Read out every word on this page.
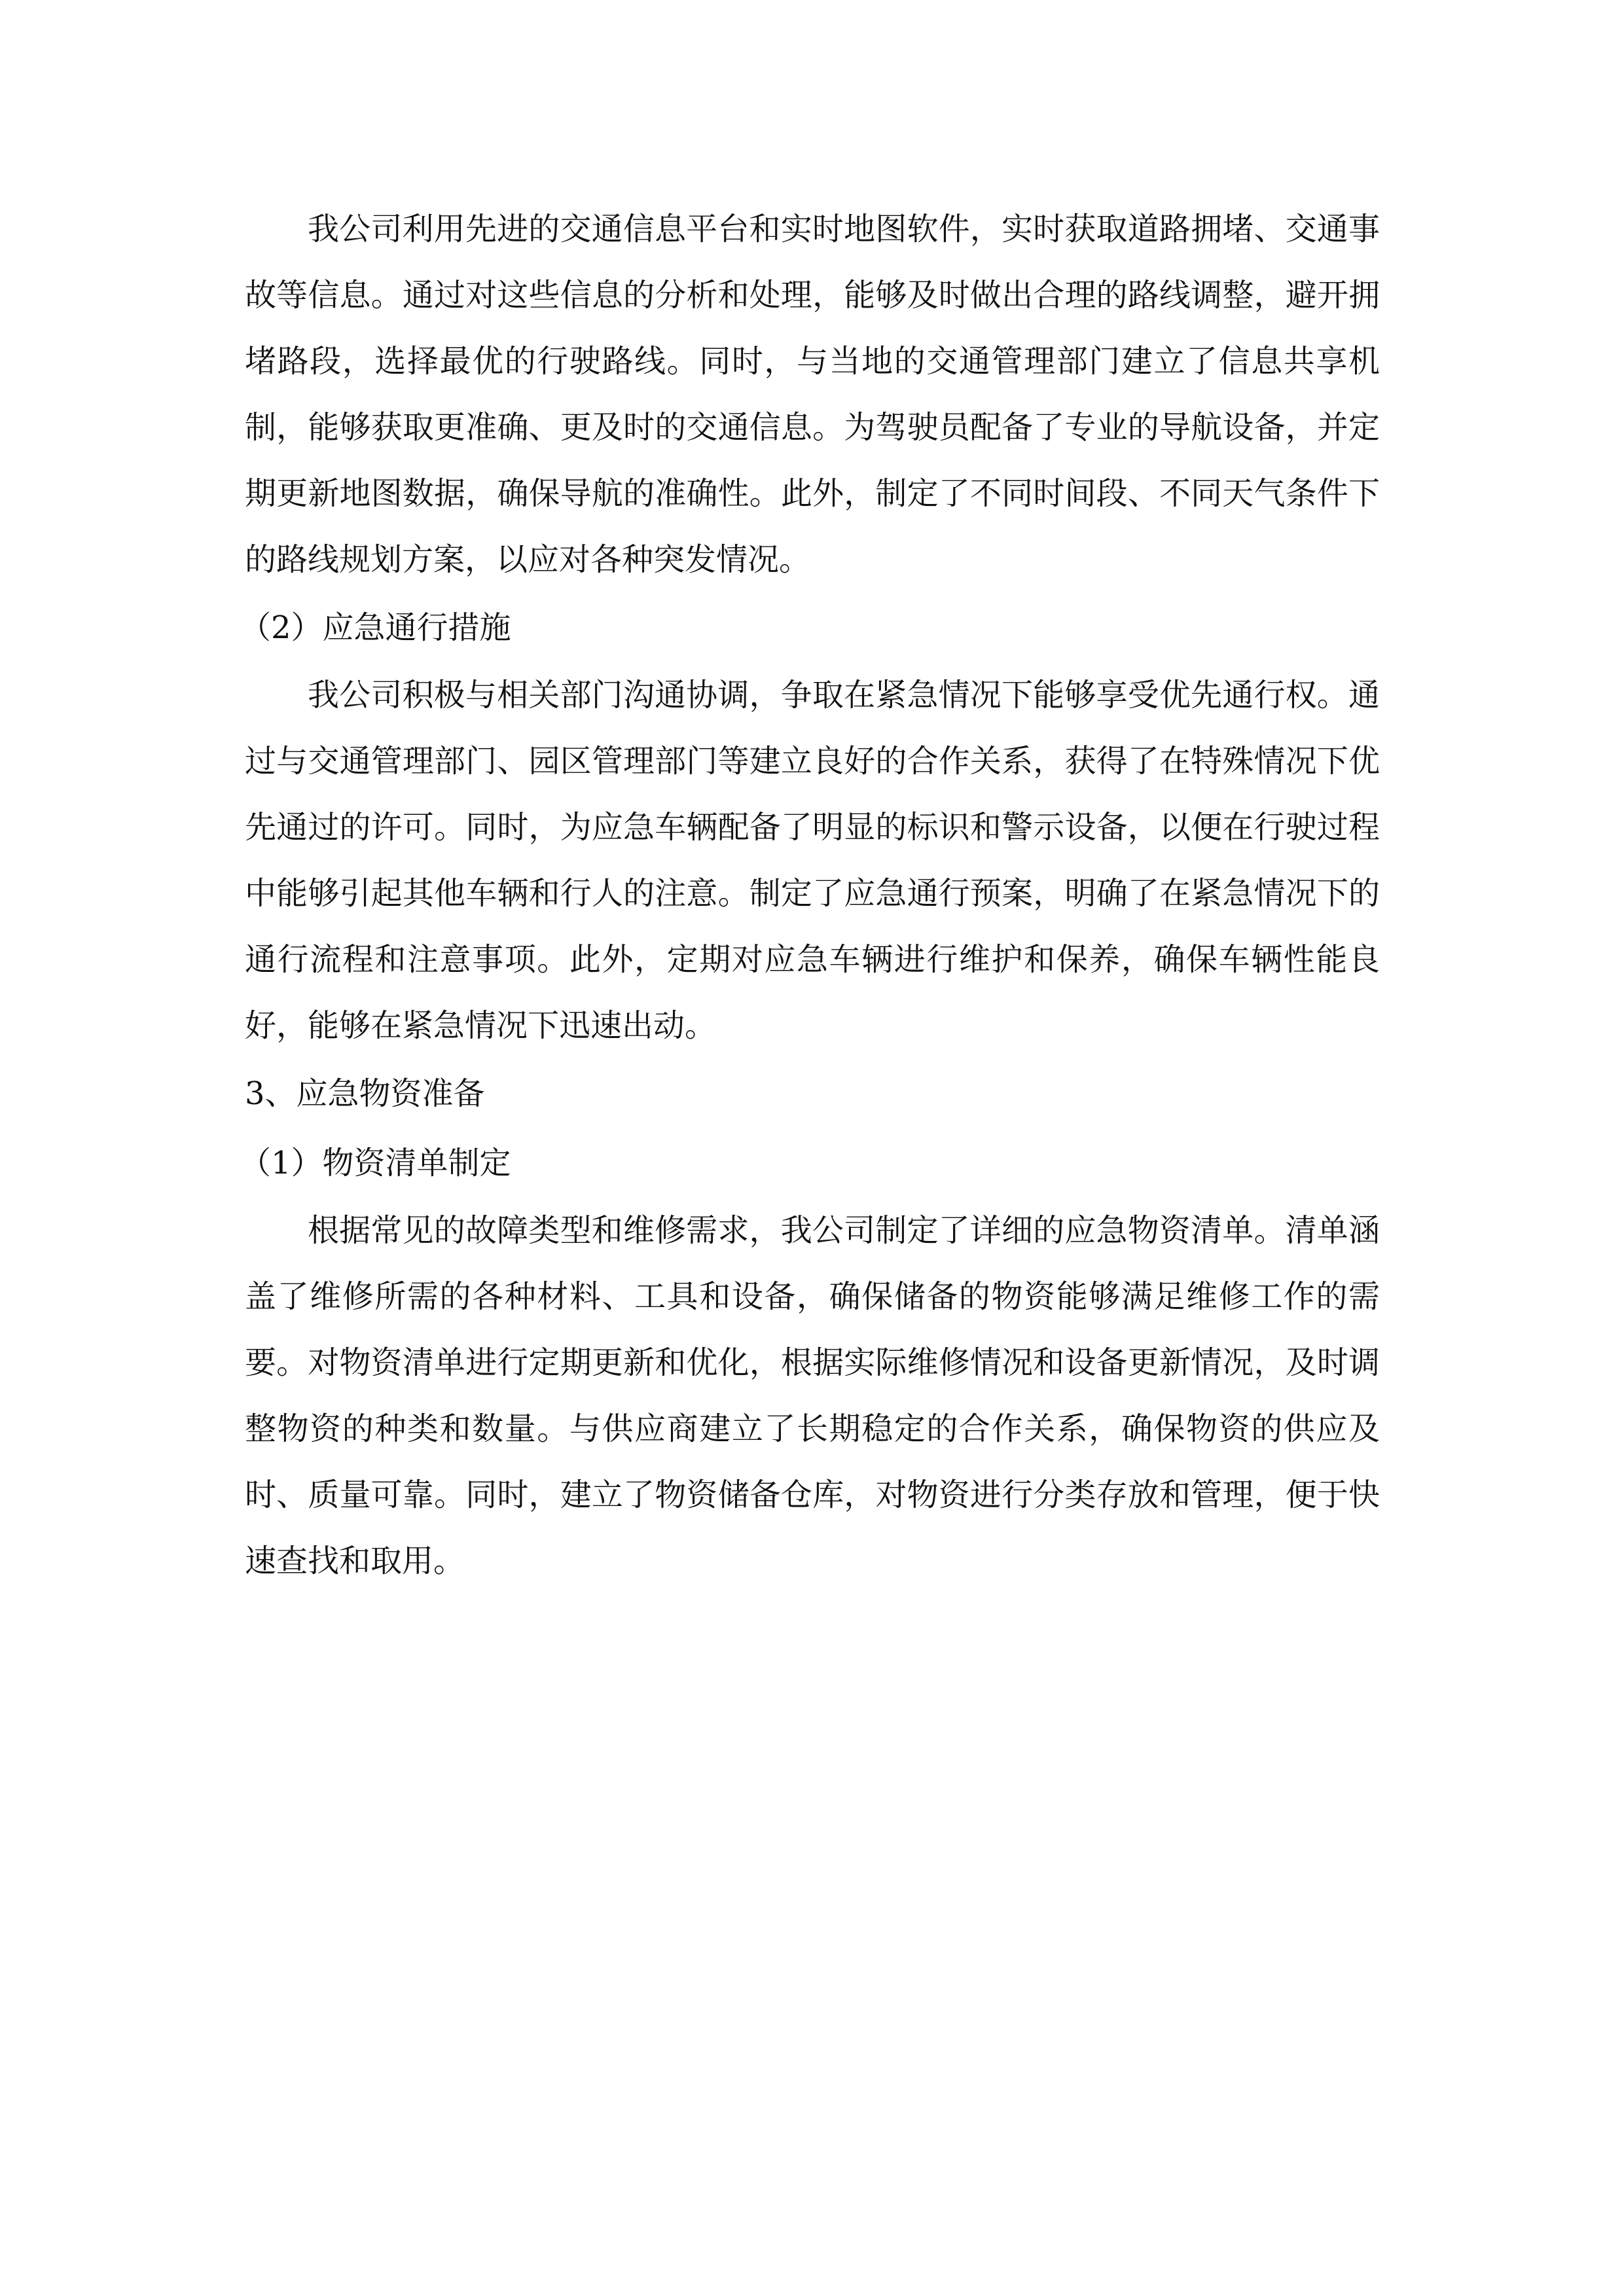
我公司利用先进的交通信息平台和实时地图软件，实时获取道路拥堵、交通事故等信息。通过对这些信息的分析和处理，能够及时做出合理的路线调整，避开拥堵路段，选择最优的行驶路线。同时，与当地的交通管理部门建立了信息共享机制，能够获取更准确、更及时的交通信息。为驾驶员配备了专业的导航设备，并定期更新地图数据，确保导航的准确性。此外，制定了不同时间段、不同天气条件下的路线规划方案，以应对各种突发情况。

（2）应急通行措施

我公司积极与相关部门沟通协调，争取在紧急情况下能够享受优先通行权。通过与交通管理部门、园区管理部门等建立良好的合作关系，获得了在特殊情况下优先通过的许可。同时，为应急车辆配备了明显的标识和警示设备，以便在行驶过程中能够引起其他车辆和行人的注意。制定了应急通行预案，明确了在紧急情况下的通行流程和注意事项。此外，定期对应急车辆进行维护和保养，确保车辆性能良好，能够在紧急情况下迅速出动。

3、应急物资准备

（1）物资清单制定

根据常见的故障类型和维修需求，我公司制定了详细的应急物资清单。清单涵盖了维修所需的各种材料、工具和设备，确保储备的物资能够满足维修工作的需要。对物资清单进行定期更新和优化，根据实际维修情况和设备更新情况，及时调整物资的种类和数量。与供应商建立了长期稳定的合作关系，确保物资的供应及时、质量可靠。同时，建立了物资储备仓库，对物资进行分类存放和管理，便于快速查找和取用。
